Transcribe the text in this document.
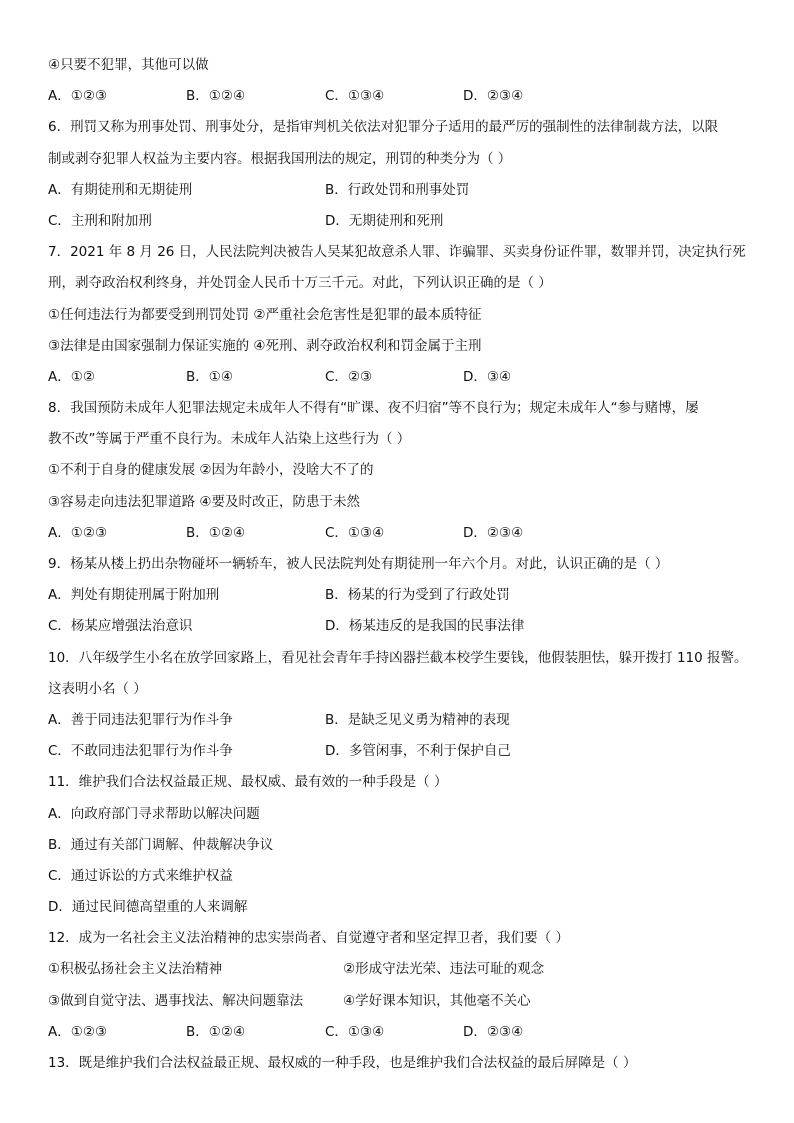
④只要不犯罪，其他可以做
A．①②③	B．①②④	C．①③④	D．②③④
6．刑罚又称为刑事处罚、刑事处分，是指审判机关依法对犯罪分子适用的最严厉的强制性的法律制裁方法，以限
制或剥夺犯罪人权益为主要内容。根据我国刑法的规定，刑罚的种类分为（ ）
A．有期徒刑和无期徒刑	B．行政处罚和刑事处罚
C．主刑和附加刑	D．无期徒刑和死刑
7．2021 年 8 月 26 日，人民法院判决被告人吴某犯故意杀人罪、诈骗罪、买卖身份证件罪，数罪并罚，决定执行死
刑，剥夺政治权利终身，并处罚金人民币十万三千元。对此，下列认识正确的是（ ）
①任何违法行为都要受到刑罚处罚 ②严重社会危害性是犯罪的最本质特征
③法律是由国家强制力保证实施的 ④死刑、剥夺政治权利和罚金属于主刑
A．①②	B．①④	C．②③	D．③④
8．我国预防未成年人犯罪法规定未成年人不得有“旷课、夜不归宿”等不良行为；规定未成年人“参与赌博，屡
教不改”等属于严重不良行为。未成年人沾染上这些行为（ ）
①不利于自身的健康发展 ②因为年龄小，没啥大不了的
③容易走向违法犯罪道路 ④要及时改正，防患于未然
A．①②③	B．①②④	C．①③④	D．②③④
9．杨某从楼上扔出杂物碰坏一辆轿车，被人民法院判处有期徒刑一年六个月。对此，认识正确的是（ ）
A．判处有期徒刑属于附加刑	B．杨某的行为受到了行政处罚
C．杨某应增强法治意识	D．杨某违反的是我国的民事法律
10．八年级学生小名在放学回家路上，看见社会青年手持凶器拦截本校学生要钱，他假装胆怯，躲开拨打 110 报警。
这表明小名（ ）
A．善于同违法犯罪行为作斗争	B．是缺乏见义勇为精神的表现
C．不敢同违法犯罪行为作斗争	D．多管闲事，不利于保护自己
11．维护我们合法权益最正规、最权威、最有效的一种手段是（ ）
A．向政府部门寻求帮助以解决问题
B．通过有关部门调解、仲裁解决争议
C．通过诉讼的方式来维护权益
D．通过民间德高望重的人来调解
12．成为一名社会主义法治精神的忠实崇尚者、自觉遵守者和坚定捍卫者，我们要（ ）
①积极弘扬社会主义法治精神	②形成守法光荣、违法可耻的观念
③做到自觉守法、遇事找法、解决问题靠法	④学好课本知识，其他毫不关心
A．①②③	B．①②④	C．①③④	D．②③④
13．既是维护我们合法权益最正规、最权威的一种手段，也是维护我们合法权益的最后屏障是（ ）
